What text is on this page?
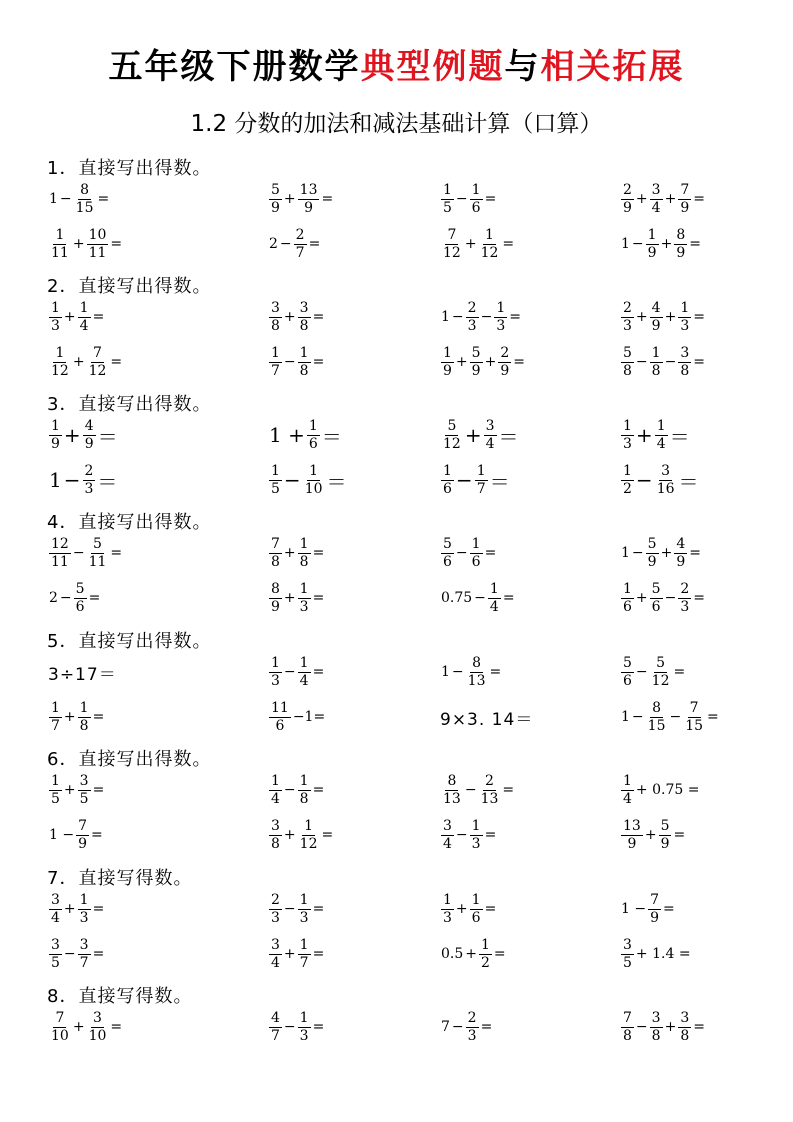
五年级下册数学典型例题与相关拓展
1.2 分数的加法和减法基础计算（口算）
1．直接写出得数。
$1 - \frac{8}{15}$ =	$\frac{5}{9} + \frac{13}{9}$ =	$\frac{1}{5} - \frac{1}{6}$ =	$\frac{2}{9} + \frac{3}{4} + \frac{7}{9}$ =
$\frac{1}{11} + \frac{10}{11}$ =	$2 - \frac{2}{7}$ =	$\frac{7}{12} + \frac{1}{12}$ =	$1 - \frac{1}{9} + \frac{8}{9}$ =
2．直接写出得数。
$\frac{1}{3} + \frac{1}{4}$ =	$\frac{3}{8} + \frac{3}{8}$ =	$1 - \frac{2}{3} - \frac{1}{3}$ =	$\frac{2}{3} + \frac{4}{9} + \frac{1}{3}$ =
$\frac{1}{12} + \frac{7}{12}$ =	$\frac{1}{7} - \frac{1}{8}$ =	$\frac{1}{9} + \frac{5}{9} + \frac{2}{9}$ =	$\frac{5}{8} - \frac{1}{8} - \frac{3}{8}$ =
3．直接写出得数。
$\frac{1}{9} + \frac{4}{9}$ ＝	$1 + \frac{1}{6}$ ＝	$\frac{5}{12} + \frac{3}{4}$ ＝	$\frac{1}{3} + \frac{1}{4}$ ＝
$1 - \frac{2}{3}$ ＝	$\frac{1}{5} - \frac{1}{10}$ ＝	$\frac{1}{6} - \frac{1}{7}$ ＝	$\frac{1}{2} - \frac{3}{16}$ ＝
4．直接写出得数。
$\frac{12}{11} - \frac{5}{11}$ =	$\frac{7}{8} + \frac{1}{8}$ =	$\frac{5}{6} - \frac{1}{6}$ =	$1 - \frac{5}{9} + \frac{4}{9}$ =
$2 - \frac{5}{6}$ =	$\frac{8}{9} + \frac{1}{3}$ =	$0.75 - \frac{1}{4}$ =	$\frac{1}{6} + \frac{5}{6} - \frac{2}{3}$ =
5．直接写出得数。
3÷17＝	$\frac{1}{3} - \frac{1}{4}$ =	$1 - \frac{8}{13}$ =	$\frac{5}{6} - \frac{5}{12}$ =
$\frac{1}{7} + \frac{1}{8}$ =	$\frac{11}{6} -1=$	9×3. 14＝	$1 - \frac{8}{15} - \frac{7}{15}$ =
6．直接写出得数。
$\frac{1}{5} + \frac{3}{5}$ =	$\frac{1}{4} - \frac{1}{8}$ =	$\frac{8}{13} - \frac{2}{13}$ =	$\frac{1}{4} + 0.75$ =
$1 - \frac{7}{9}$ =	$\frac{3}{8} + \frac{1}{12}$ =	$\frac{3}{4} - \frac{1}{3}$ =	$\frac{13}{9} + \frac{5}{9}$ =
7．直接写得数。
$\frac{3}{4} + \frac{1}{3}$ =	$\frac{2}{3} - \frac{1}{3}$ =	$\frac{1}{3} + \frac{1}{6}$ =	$1 - \frac{7}{9}$ =
$\frac{3}{5} - \frac{3}{7}$ =	$\frac{3}{4} + \frac{1}{7}$ =	$0.5 + \frac{1}{2}$ =	$\frac{3}{5} + 1.4$ =
8．直接写得数。
$\frac{7}{10} + \frac{3}{10}$ =	$\frac{4}{7} - \frac{1}{3}$ =	$7 - \frac{2}{3}$ =	$\frac{7}{8} - \frac{3}{8} + \frac{3}{8}$ =
